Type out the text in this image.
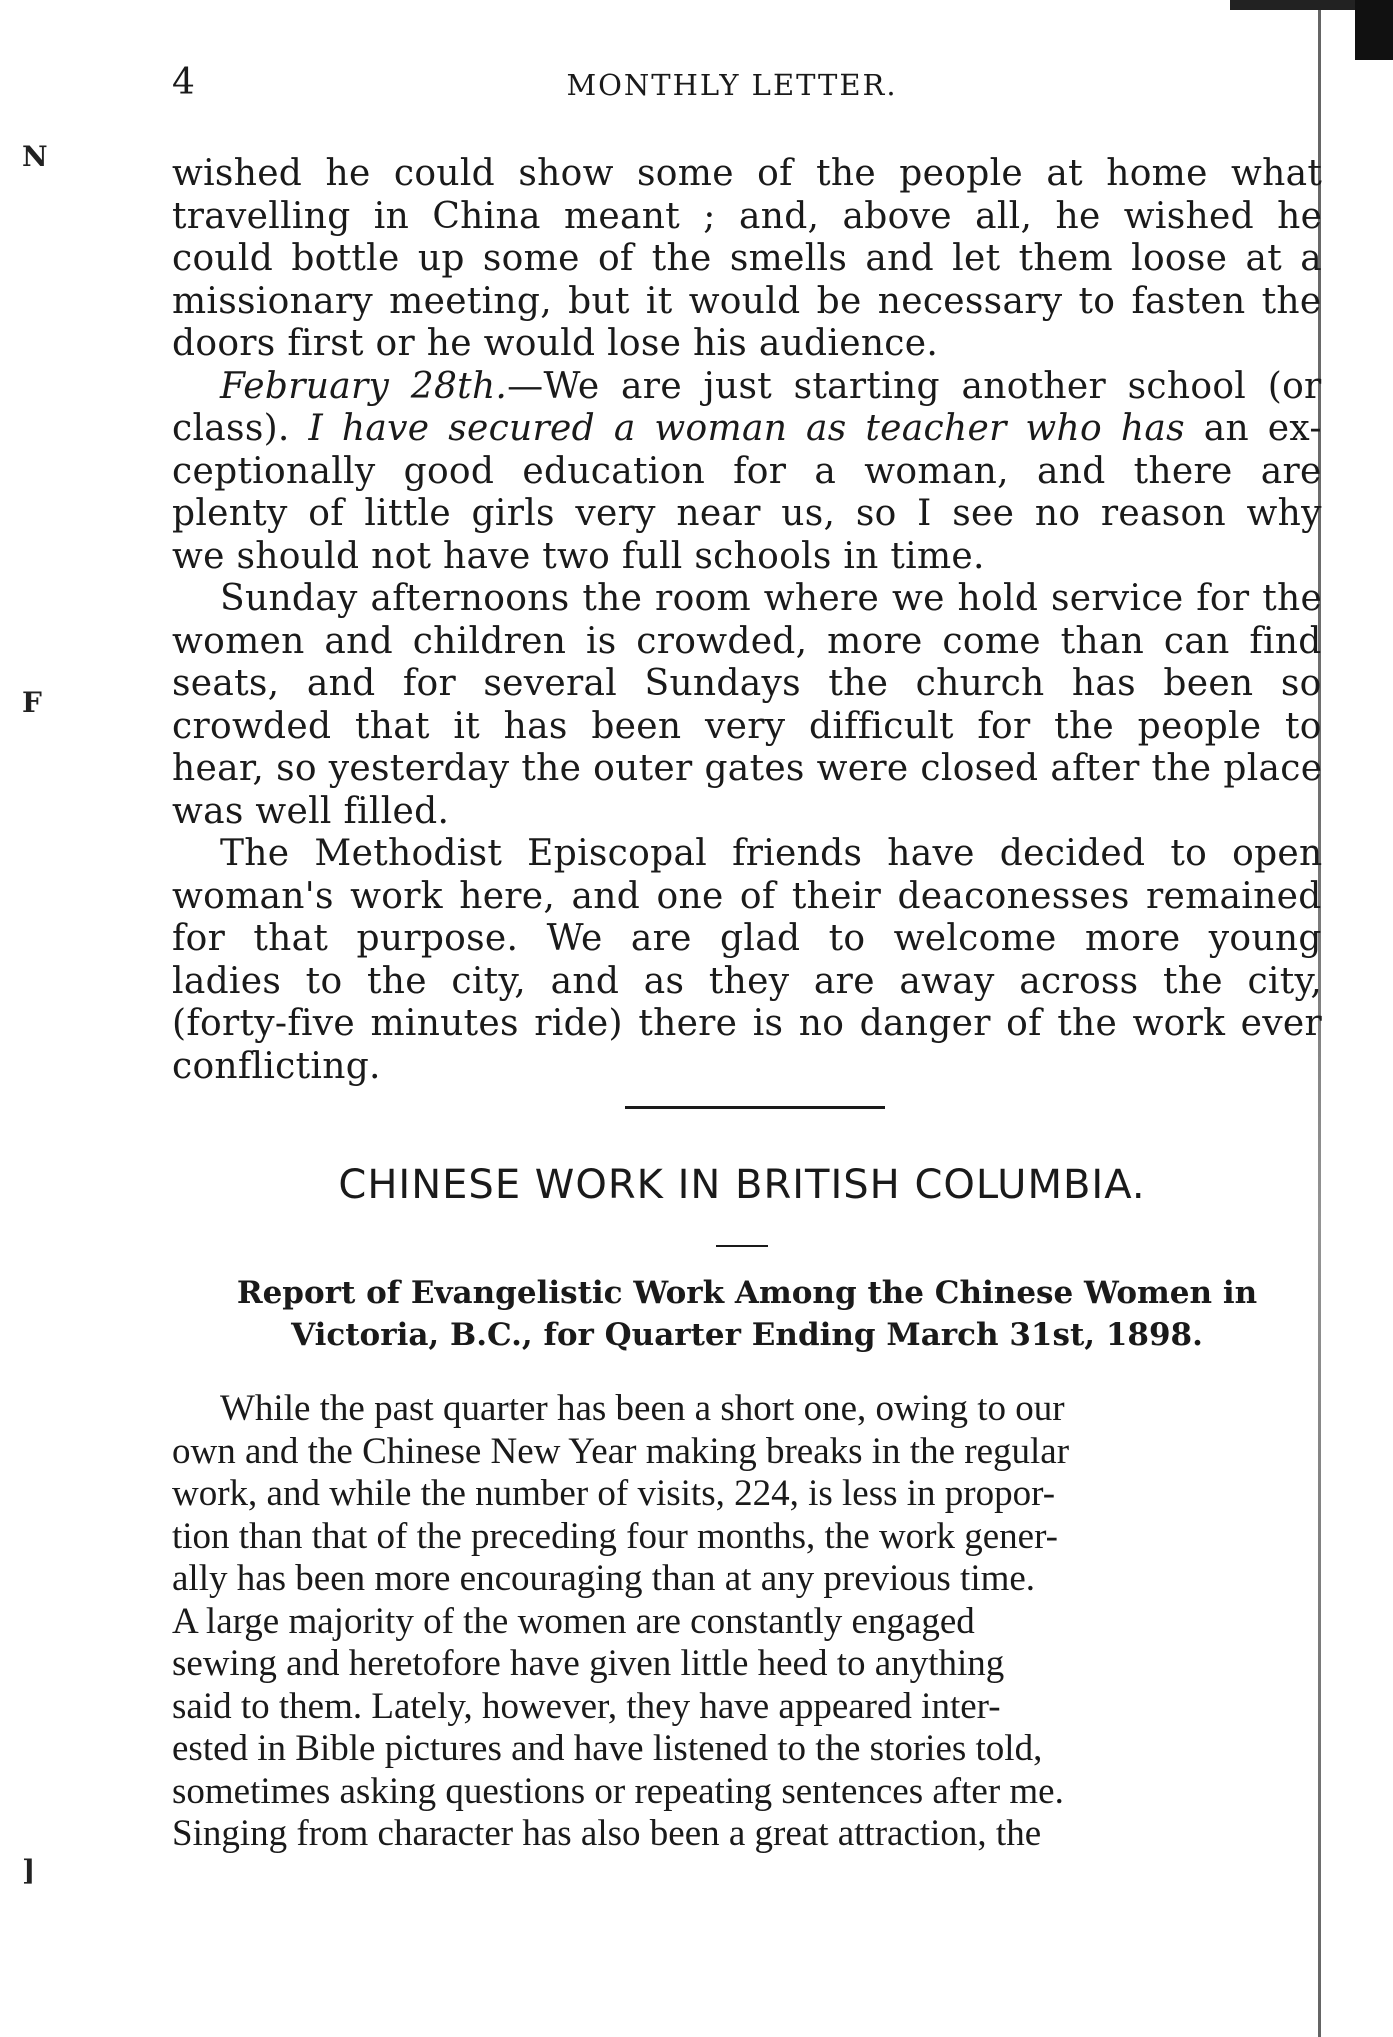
N
F
]
4	MONTHLY LETTER.

wished he could show some of the people at home what
travelling in China meant ; and, above all, he wished he
could bottle up some of the smells and let them loose at a
missionary meeting, but it would be necessary to fasten the
doors first or he would lose his audience.

February 28th.—We are just starting another school (or
class). I have secured a woman as teacher who has an ex-
ceptionally good education for a woman, and there are
plenty of little girls very near us, so I see no reason why
we should not have two full schools in time.

Sunday afternoons the room where we hold service for the
women and children is crowded, more come than can find
seats, and for several Sundays the church has been so
crowded that it has been very difficult for the people to
hear, so yesterday the outer gates were closed after the place
was well filled.

The Methodist Episcopal friends have decided to open
woman's work here, and one of their deaconesses remained
for that purpose. We are glad to welcome more young
ladies to the city, and as they are away across the city,
(forty-five minutes ride) there is no danger of the work ever
conflicting.

CHINESE WORK IN BRITISH COLUMBIA.
Report of Evangelistic Work Among the Chinese Women in
Victoria, B.C., for Quarter Ending March 31st, 1898.

While the past quarter has been a short one, owing to our
own and the Chinese New Year making breaks in the regular
work, and while the number of visits, 224, is less in propor-
tion than that of the preceding four months, the work gener-
ally has been more encouraging than at any previous time.
A large majority of the women are constantly engaged
sewing and heretofore have given little heed to anything
said to them. Lately, however, they have appeared inter-
ested in Bible pictures and have listened to the stories told,
sometimes asking questions or repeating sentences after me.
Singing from character has also been a great attraction, the
